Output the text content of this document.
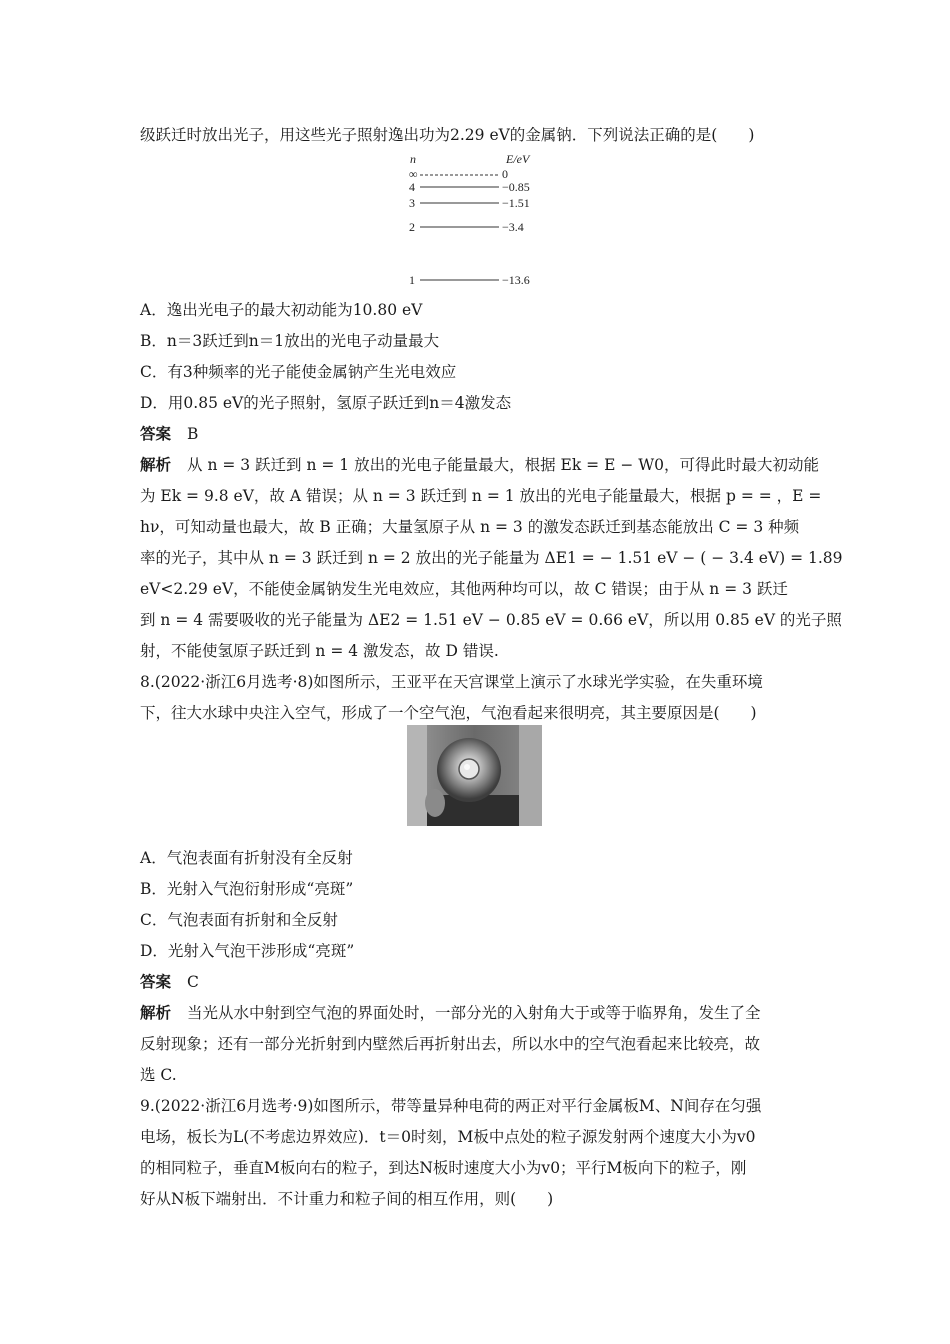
级跃迁时放出光子，用这些光子照射逸出功为2.29 eV的金属钠．下列说法正确的是(　　)
n	E/eV
∞	0
4	−0.85
3	−1.51
2	−3.4
1	−13.6
A．逸出光电子的最大初动能为10.80 eV
B．n＝3跃迁到n＝1放出的光电子动量最大
C．有3种频率的光子能使金属钠产生光电效应
D．用0.85 eV的光子照射，氢原子跃迁到n＝4激发态
答案 B
解析 从 n = 3 跃迁到 n = 1 放出的光电子能量最大，根据 Ek = E − W0，可得此时最大初动能
为 Ek = 9.8 eV，故 A 错误；从 n = 3 跃迁到 n = 1 放出的光电子能量最大，根据 p = = ，E =
hν，可知动量也最大，故 B 正确；大量氢原子从 n = 3 的激发态跃迁到基态能放出 C = 3 种频
率的光子，其中从 n = 3 跃迁到 n = 2 放出的光子能量为 ΔE1 = − 1.51 eV − ( − 3.4 eV) = 1.89
eV<2.29 eV，不能使金属钠发生光电效应，其他两种均可以，故 C 错误；由于从 n = 3 跃迁
到 n = 4 需要吸收的光子能量为 ΔE2 = 1.51 eV − 0.85 eV = 0.66 eV，所以用 0.85 eV 的光子照
射，不能使氢原子跃迁到 n = 4 激发态，故 D 错误.
8.(2022·浙江6月选考·8)如图所示，王亚平在天宫课堂上演示了水球光学实验，在失重环境
下，往大水球中央注入空气，形成了一个空气泡，气泡看起来很明亮，其主要原因是(　　)
A．气泡表面有折射没有全反射
B．光射入气泡衍射形成“亮斑”
C．气泡表面有折射和全反射
D．光射入气泡干涉形成“亮斑”
答案 C
解析 当光从水中射到空气泡的界面处时，一部分光的入射角大于或等于临界角，发生了全
反射现象；还有一部分光折射到内壁然后再折射出去，所以水中的空气泡看起来比较亮，故
选 C.
9.(2022·浙江6月选考·9)如图所示，带等量异种电荷的两正对平行金属板M、N间存在匀强
电场，板长为L(不考虑边界效应)．t＝0时刻，M板中点处的粒子源发射两个速度大小为v0
的相同粒子，垂直M板向右的粒子，到达N板时速度大小为v0；平行M板向下的粒子，刚
好从N板下端射出．不计重力和粒子间的相互作用，则(　　)
